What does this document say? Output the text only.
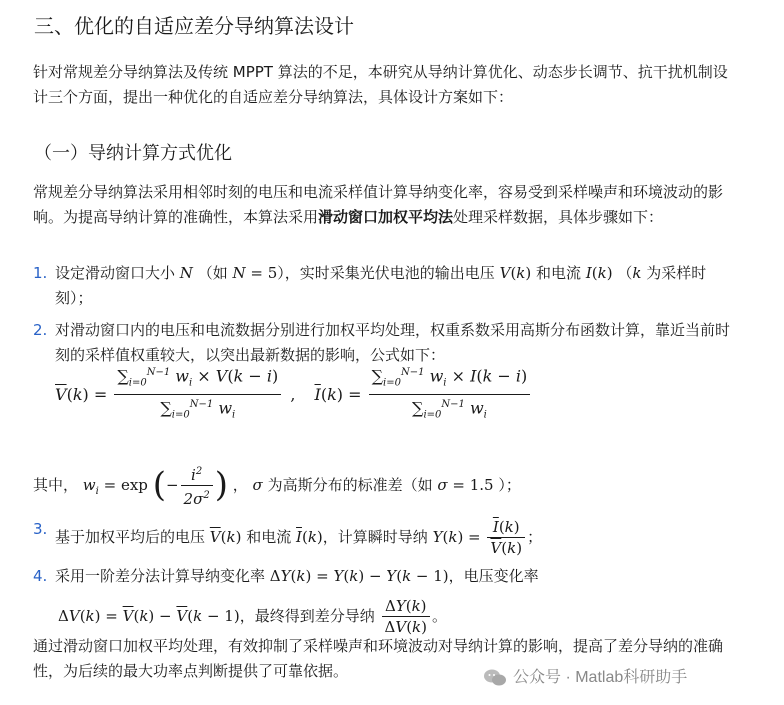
三、优化的自适应差分导纳算法设计

针对常规差分导纳算法及传统 MPPT 算法的不足，本研究从导纳计算优化、动态步长调节、抗干扰机制设计三个方面，提出一种优化的自适应差分导纳算法，具体设计方案如下：

（一）导纳计算方式优化

常规差分导纳算法采用相邻时刻的电压和电流采样值计算导纳变化率，容易受到采样噪声和环境波动的影响。为提高导纳计算的准确性，本算法采用滑动窗口加权平均法处理采样数据，具体步骤如下：

1. 设定滑动窗口大小 N （如 N = 5），实时采集光伏电池的输出电压 V(k) 和电流 I(k) （k 为采样时刻）；
2. 对滑动窗口内的电压和电流数据分别进行加权平均处理，权重系数采用高斯分布函数计算，靠近当前时刻的采样值权重较大，以突出最新数据的影响，公式如下：
$\overline{V}(k) = \frac{\sum_{i=0}^{N-1} w_i \times V(k - i)}{\sum_{i=0}^{N-1} w_i}$ , $\overline{I}(k) = \frac{\sum_{i=0}^{N-1} w_i \times I(k - i)}{\sum_{i=0}^{N-1} w_i}$
其中， $w_i = \exp$ (− $\frac{i^2}{2\sigma^2}$ ) ， σ 为高斯分布的标准差（如 σ = 1.5 ）；
3. 基于加权平均后的电压 $\overline{V}(k)$ 和电流 $\overline{I}(k)$，计算瞬时导纳 $Y(k) = \frac{\overline{I}(k)}{\overline{V}(k)}$ ；
4. 采用一阶差分法计算导纳变化率 ΔY(k) = Y(k) − Y(k − 1)，电压变化率
$\Delta V(k) = \overline{V}(k) - \overline{V}(k - 1)$，最终得到差分导纳 $\frac{\Delta Y(k)}{\Delta V(k)}$ 。

通过滑动窗口加权平均处理，有效抑制了采样噪声和环境波动对导纳计算的影响，提高了差分导纳的准确性，为后续的最大功率点判断提供了可靠依据。	公众号 · Matlab科研助手
